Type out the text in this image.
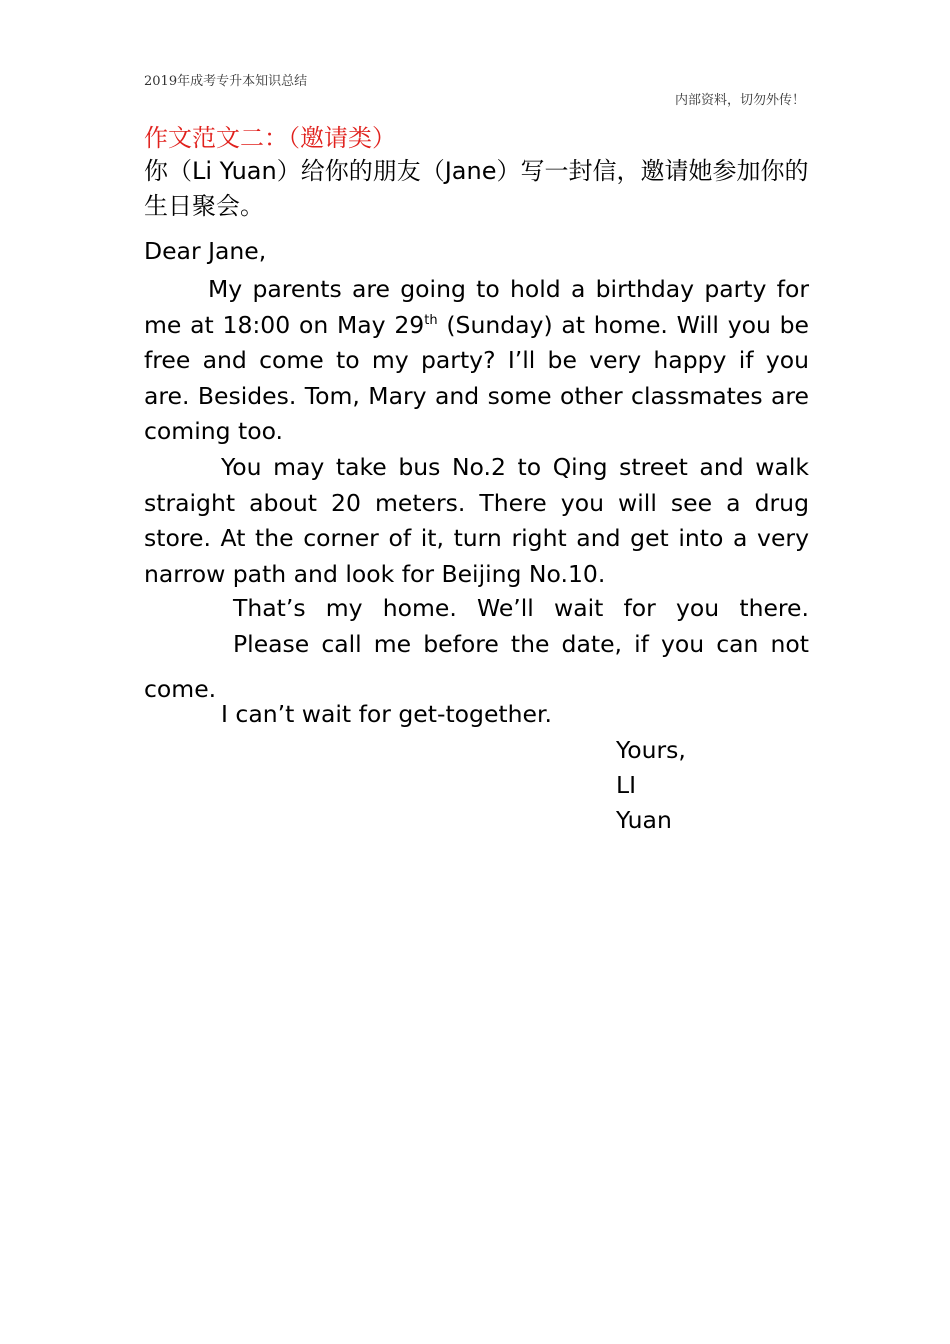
2019年成考专升本知识总结
内部资料，切勿外传！
作文范文二：（邀请类）
你（Li Yuan）给你的朋友（Jane）写一封信，邀请她参加你的生日聚会。
Dear Jane,

My parents are going to hold a birthday party for me at 18:00 on May 29th (Sunday) at home. Will you be free and come to my party? I’ll be very happy if you are. Besides. Tom, Mary and some other classmates are coming too.

You may take bus No.2 to Qing street and walk straight about 20 meters. There you will see a drug store. At the corner of it, turn right and get into a very narrow path and look for Beijing No.10.

That’s my home. We’ll wait for you there.
Please call me before the date, if you can not
come.
I can’t wait for get-together.
Yours,
LI
Yuan
